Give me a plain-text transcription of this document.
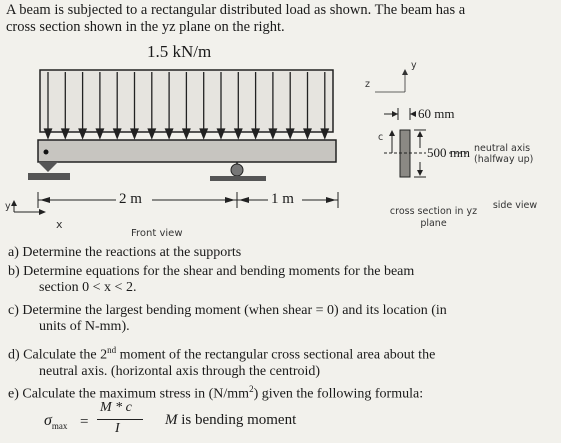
A beam is subjected to a rectangular distributed load as shown. The beam has a
cross section shown in the yz plane on the right.
1.5 kN/m
2 m	1 m
y
x
Front view
z
y
60 mm
c
500 mm neutral axis (halfway up)
cross section in yz plane
side view
a) Determine the reactions at the supports
b) Determine equations for the shear and bending moments for the beam
section 0 < x < 2.
c) Determine the largest bending moment (when shear = 0) and its location (in
units of N-mm).
d) Calculate the 2nd moment of the rectangular cross sectional area about the
neutral axis. (horizontal axis through the centroid)
e) Calculate the maximum stress in $(N/mm^2)$ given the following formula:
$\sigma_{max}$ =
M * c
I
M is bending moment
